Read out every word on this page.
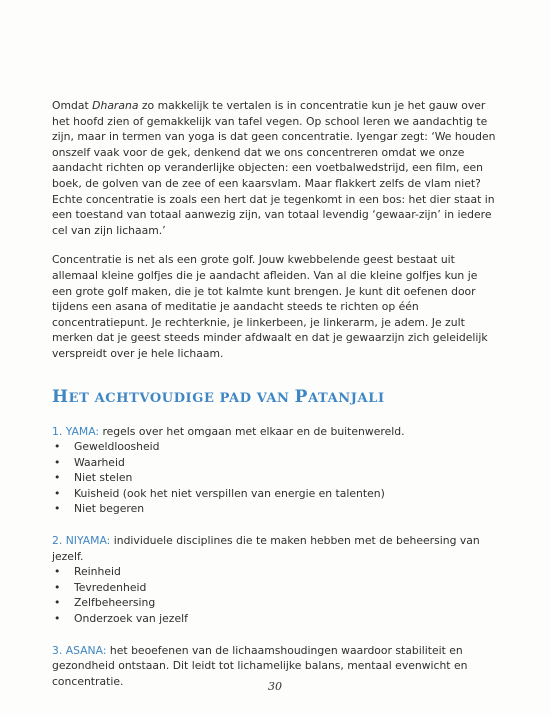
Omdat Dharana zo makkelijk te vertalen is in concentratie kun je het gauw over het hoofd zien of gemakkelijk van tafel vegen. Op school leren we aandachtig te zijn, maar in termen van yoga is dat geen concentratie. Iyengar zegt: ‘We houden onszelf vaak voor de gek, denkend dat we ons concentreren omdat we onze aandacht richten op veranderlijke objecten: een voetbalwedstrijd, een film, een boek, de golven van de zee of een kaarsvlam. Maar flakkert zelfs de vlam niet? Echte concentratie is zoals een hert dat je tegenkomt in een bos: het dier staat in een toestand van totaal aanwezig zijn, van totaal levendig ‘gewaar-zijn’ in iedere cel van zijn lichaam.’

Concentratie is net als een grote golf. Jouw kwebbelende geest bestaat uit allemaal kleine golfjes die je aandacht afleiden. Van al die kleine golfjes kun je een grote golf maken, die je tot kalmte kunt brengen. Je kunt dit oefenen door tijdens een asana of meditatie je aandacht steeds te richten op één concentratiepunt. Je rechterknie, je linkerbeen, je linkerarm, je adem. Je zult merken dat je geest steeds minder afdwaalt en dat je gewaarzijn zich geleidelijk verspreidt over je hele lichaam.

HET ACHTVOUDIGE PAD VAN PATANJALI
1. YAMA: regels over het omgaan met elkaar en de buitenwereld.
• Geweldloosheid
• Waarheid
• Niet stelen
• Kuisheid (ook het niet verspillen van energie en talenten)
• Niet begeren
2. NIYAMA: individuele disciplines die te maken hebben met de beheersing van jezelf.
• Reinheid
• Tevredenheid
• Zelfbeheersing
• Onderzoek van jezelf
3. ASANA: het beoefenen van de lichaamshoudingen waardoor stabiliteit en gezondheid ontstaan. Dit leidt tot lichamelijke balans, mentaal evenwicht en concentratie.	30
